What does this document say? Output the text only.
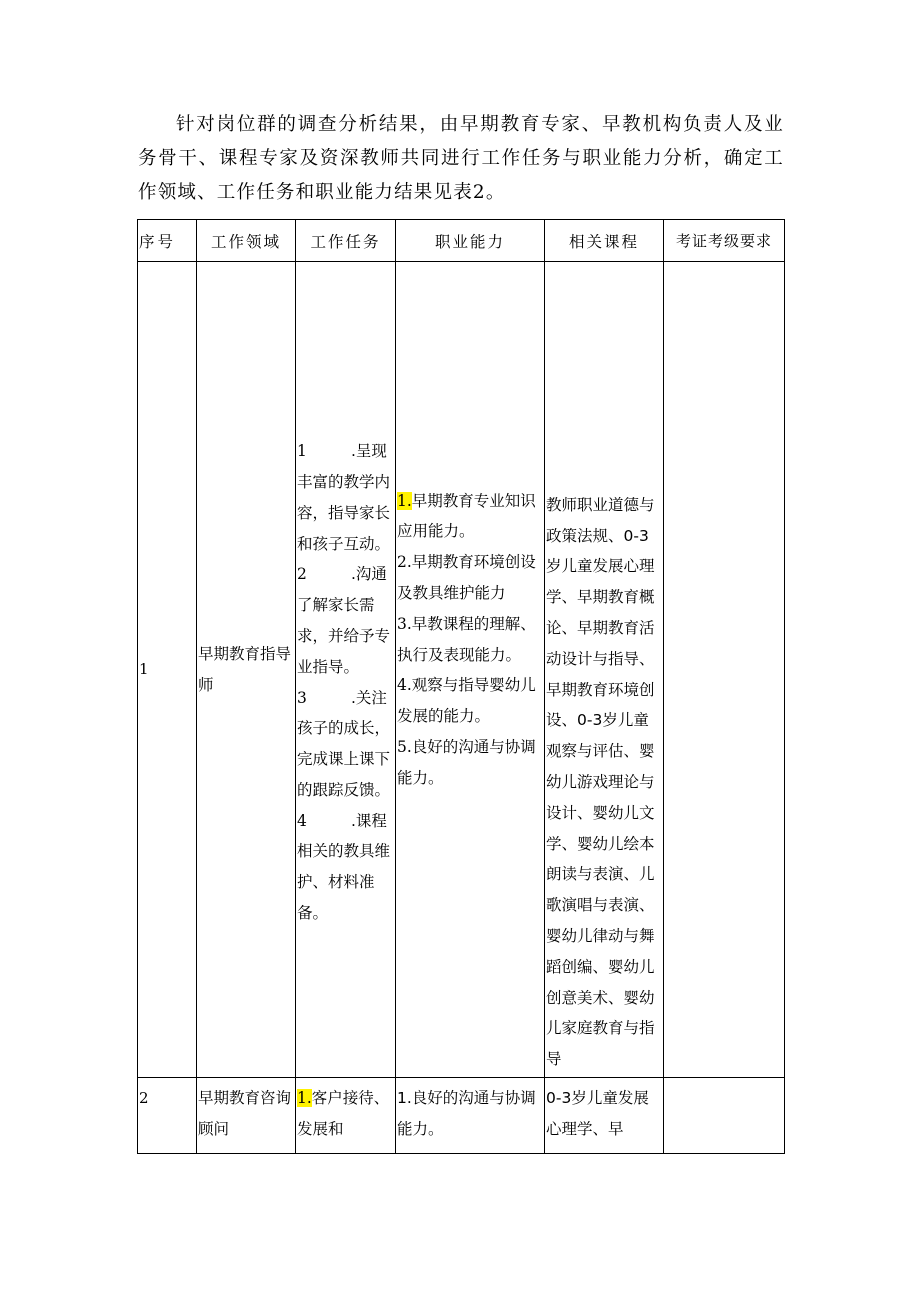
针对岗位群的调查分析结果，由早期教育专家、早教机构负责人及业务骨干、课程专家及资深教师共同进行工作任务与职业能力分析，确定工作领域、工作任务和职业能力结果见表2。

序号	工作领域	工作任务	职业能力	相关课程	考证考级要求

1	早期教育指导师	1 .呈现丰富的教学内容，指导家长和孩子互动。
2 .沟通了解家长需求，并给予专业指导。
3 .关注孩子的成长，完成课上课下的跟踪反馈。
4 .课程相关的教具维护、材料准备。	1.早期教育专业知识应用能力。
2.早期教育环境创设及教具维护能力
3.早教课程的理解、执行及表现能力。
4.观察与指导婴幼儿发展的能力。
5.良好的沟通与协调能力。	教师职业道德与政策法规、0-3岁儿童发展心理学、早期教育概论、早期教育活动设计与指导、早期教育环境创设、0-3岁儿童观察与评估、婴幼儿游戏理论与设计、婴幼儿文学、婴幼儿绘本朗读与表演、儿歌演唱与表演、婴幼儿律动与舞蹈创编、婴幼儿创意美术、婴幼儿家庭教育与指导	

2	早期教育咨询顾问	1.客户接待、发展和	1.良好的沟通与协调能力。	0-3岁儿童发展心理学、早	
